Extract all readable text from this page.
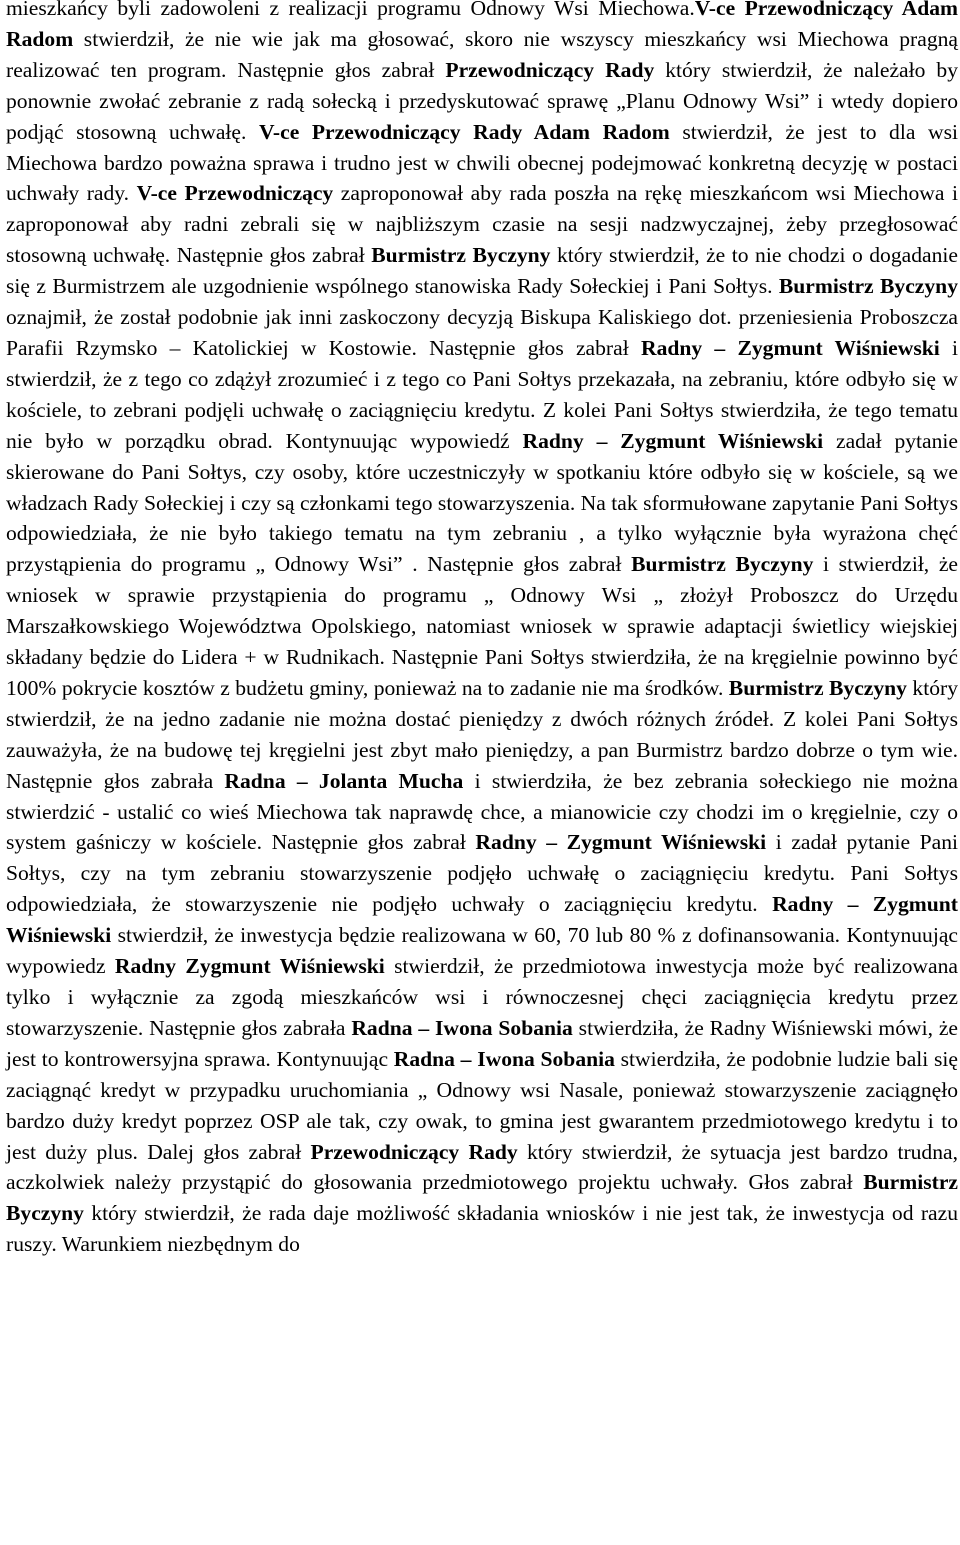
mieszkańcy byli zadowoleni z realizacji programu Odnowy Wsi Miechowa.V-ce Przewodniczący Adam Radom stwierdził, że nie wie jak ma głosować, skoro nie wszyscy mieszkańcy wsi Miechowa pragną realizować ten program. Następnie głos zabrał Przewodniczący Rady który stwierdził, że należało by ponownie zwołać zebranie z radą sołecką i przedyskutować sprawę „Planu Odnowy Wsi” i wtedy dopiero podjąć stosowną uchwałę. V-ce Przewodniczący Rady Adam Radom stwierdził, że jest to dla wsi Miechowa bardzo poważna sprawa i trudno jest w chwili obecnej podejmować konkretną decyzję w postaci uchwały rady. V-ce Przewodniczący zaproponował aby rada poszła na rękę mieszkańcom wsi Miechowa i zaproponował aby radni zebrali się w najbliższym czasie na sesji nadzwyczajnej, żeby przegłosować stosowną uchwałę. Następnie głos zabrał Burmistrz Byczyny który stwierdził, że to nie chodzi o dogadanie się z Burmistrzem ale uzgodnienie wspólnego stanowiska Rady Sołeckiej i Pani Sołtys. Burmistrz Byczyny oznajmił, że został podobnie jak inni zaskoczony decyzją Biskupa Kaliskiego dot. przeniesienia Proboszcza Parafii Rzymsko – Katolickiej w Kostowie. Następnie głos zabrał Radny – Zygmunt Wiśniewski i stwierdził, że z tego co zdążył zrozumieć i z tego co Pani Sołtys przekazała, na zebraniu, które odbyło się w kościele, to zebrani podjęli uchwałę o zaciągnięciu kredytu. Z kolei Pani Sołtys stwierdziła, że tego tematu nie było w porządku obrad. Kontynuując wypowiedź Radny – Zygmunt Wiśniewski zadał pytanie skierowane do Pani Sołtys, czy osoby, które uczestniczyły w spotkaniu które odbyło się w kościele, są we władzach Rady Sołeckiej i czy są członkami tego stowarzyszenia. Na tak sformułowane zapytanie Pani Sołtys odpowiedziała, że nie było takiego tematu na tym zebraniu , a tylko wyłącznie była wyrażona chęć przystąpienia do programu „ Odnowy Wsi” . Następnie głos zabrał Burmistrz Byczyny i stwierdził, że wniosek w sprawie przystąpienia do programu „ Odnowy Wsi „ złożył Proboszcz do Urzędu Marszałkowskiego Województwa Opolskiego, natomiast wniosek w sprawie adaptacji świetlicy wiejskiej składany będzie do Lidera + w Rudnikach. Następnie Pani Sołtys stwierdziła, że na kręgielnie powinno być 100% pokrycie kosztów z budżetu gminy, ponieważ na to zadanie nie ma środków. Burmistrz Byczyny który stwierdził, że na jedno zadanie nie można dostać pieniędzy z dwóch różnych źródeł. Z kolei Pani Sołtys zauważyła, że na budowę tej kręgielni jest zbyt mało pieniędzy, a pan Burmistrz bardzo dobrze o tym wie. Następnie głos zabrała Radna – Jolanta Mucha i stwierdziła, że bez zebrania sołeckiego nie można stwierdzić - ustalić co wieś Miechowa tak naprawdę chce, a mianowicie czy chodzi im o kręgielnie, czy o system gaśniczy w kościele. Następnie głos zabrał Radny – Zygmunt Wiśniewski i zadał pytanie Pani Sołtys, czy na tym zebraniu stowarzyszenie podjęło uchwałę o zaciągnięciu kredytu. Pani Sołtys odpowiedziała, że stowarzyszenie nie podjęło uchwały o zaciągnięciu kredytu. Radny – Zygmunt Wiśniewski stwierdził, że inwestycja będzie realizowana w 60, 70 lub 80 % z dofinansowania. Kontynuując wypowiedz Radny Zygmunt Wiśniewski stwierdził, że przedmiotowa inwestycja może być realizowana tylko i wyłącznie za zgodą mieszkańców wsi i równoczesnej chęci zaciągnięcia kredytu przez stowarzyszenie. Następnie głos zabrała Radna – Iwona Sobania stwierdziła, że Radny Wiśniewski mówi, że jest to kontrowersyjna sprawa. Kontynuując Radna – Iwona Sobania stwierdziła, że podobnie ludzie bali się zaciągnąć kredyt w przypadku uruchomiania „ Odnowy wsi Nasale, ponieważ stowarzyszenie zaciągnęło bardzo duży kredyt poprzez OSP ale tak, czy owak, to gmina jest gwarantem przedmiotowego kredytu i to jest duży plus. Dalej głos zabrał Przewodniczący Rady który stwierdził, że sytuacja jest bardzo trudna, aczkolwiek należy przystąpić do głosowania przedmiotowego projektu uchwały. Głos zabrał Burmistrz Byczyny który stwierdził, że rada daje możliwość składania wniosków i nie jest tak, że inwestycja od razu ruszy. Warunkiem niezbędnym do
